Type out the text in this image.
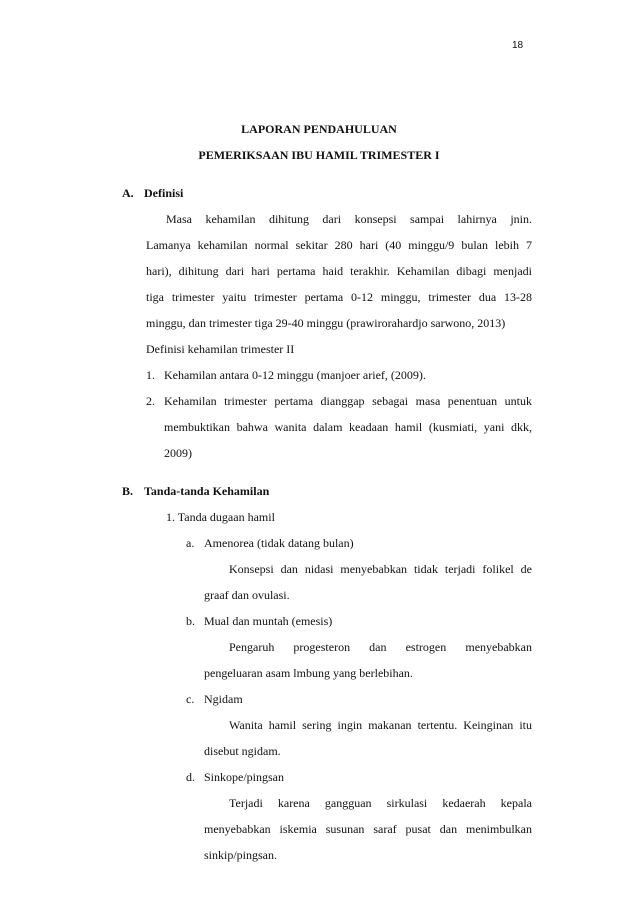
18
LAPORAN PENDAHULUAN
PEMERIKSAAN IBU HAMIL TRIMESTER I
A. Definisi
Masa kehamilan dihitung dari konsepsi sampai lahirnya jnin.
Lamanya kehamilan normal sekitar 280 hari (40 minggu/9 bulan lebih 7
hari), dihitung dari hari pertama haid terakhir. Kehamilan dibagi menjadi
tiga trimester yaitu trimester pertama 0-12 minggu, trimester dua 13-28
minggu, dan trimester tiga 29-40 minggu (prawirorahardjo sarwono, 2013)
Definisi kehamilan trimester II
1. Kehamilan antara 0-12 minggu (manjoer arief, (2009).
2. Kehamilan trimester pertama dianggap sebagai masa penentuan untuk
membuktikan bahwa wanita dalam keadaan hamil (kusmiati, yani dkk,
2009)
B. Tanda-tanda Kehamilan
1. Tanda dugaan hamil
a. Amenorea (tidak datang bulan)
Konsepsi dan nidasi menyebabkan tidak terjadi folikel de
graaf dan ovulasi.
b. Mual dan muntah (emesis)
Pengaruh progesteron dan estrogen menyebabkan
pengeluaran asam lmbung yang berlebihan.
c. Ngidam
Wanita hamil sering ingin makanan tertentu. Keinginan itu
disebut ngidam.
d. Sinkope/pingsan
Terjadi karena gangguan sirkulasi kedaerah kepala
menyebabkan iskemia susunan saraf pusat dan menimbulkan
sinkip/pingsan.
